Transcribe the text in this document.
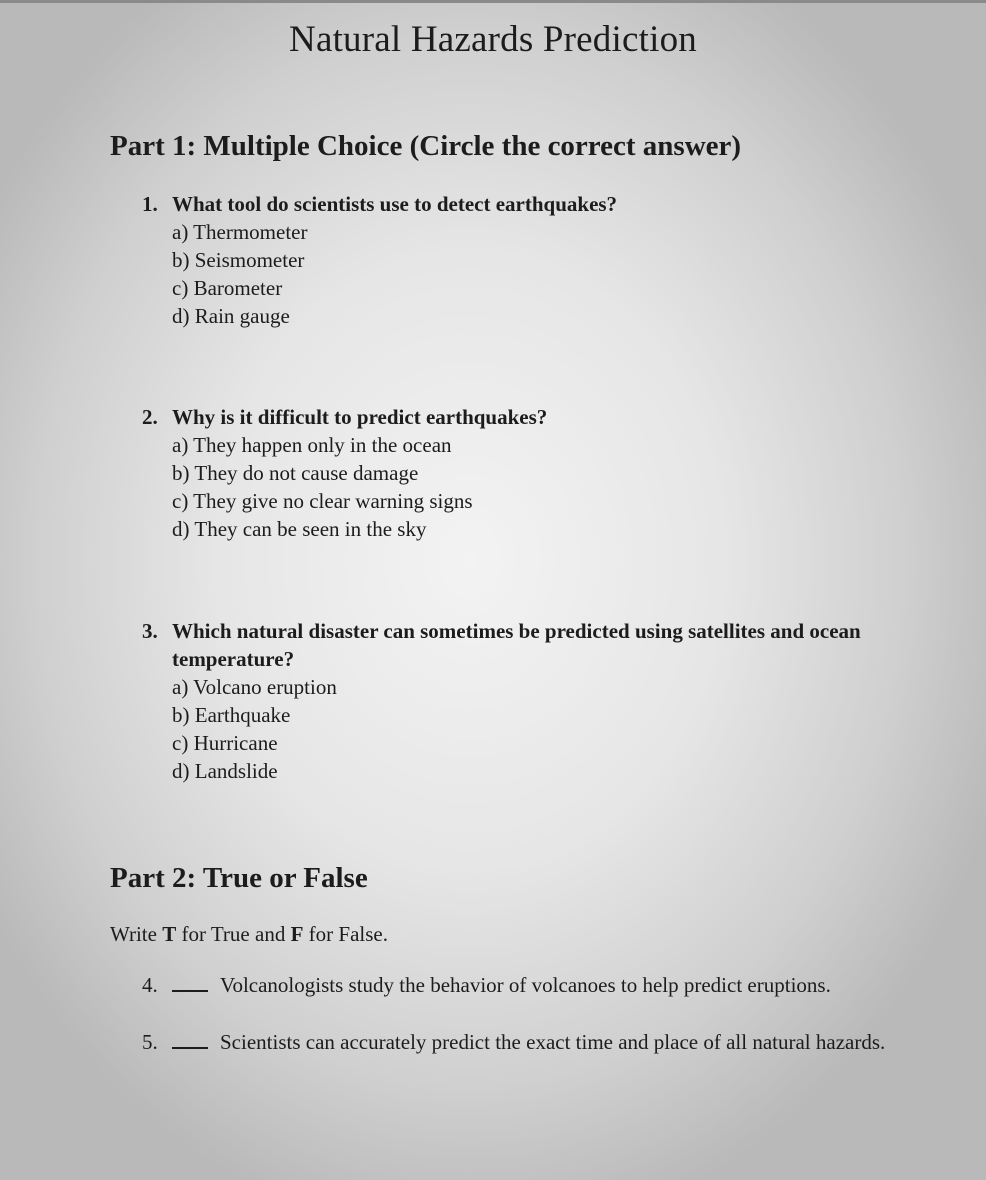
Natural Hazards Prediction
Part 1: Multiple Choice (Circle the correct answer)
1. What tool do scientists use to detect earthquakes?
a) Thermometer
b) Seismometer
c) Barometer
d) Rain gauge
2. Why is it difficult to predict earthquakes?
a) They happen only in the ocean
b) They do not cause damage
c) They give no clear warning signs
d) They can be seen in the sky
3. Which natural disaster can sometimes be predicted using satellites and ocean temperature?
a) Volcano eruption
b) Earthquake
c) Hurricane
d) Landslide
Part 2: True or False
Write T for True and F for False.
4.	Volcanologists study the behavior of volcanoes to help predict eruptions.
5.	Scientists can accurately predict the exact time and place of all natural hazards.
